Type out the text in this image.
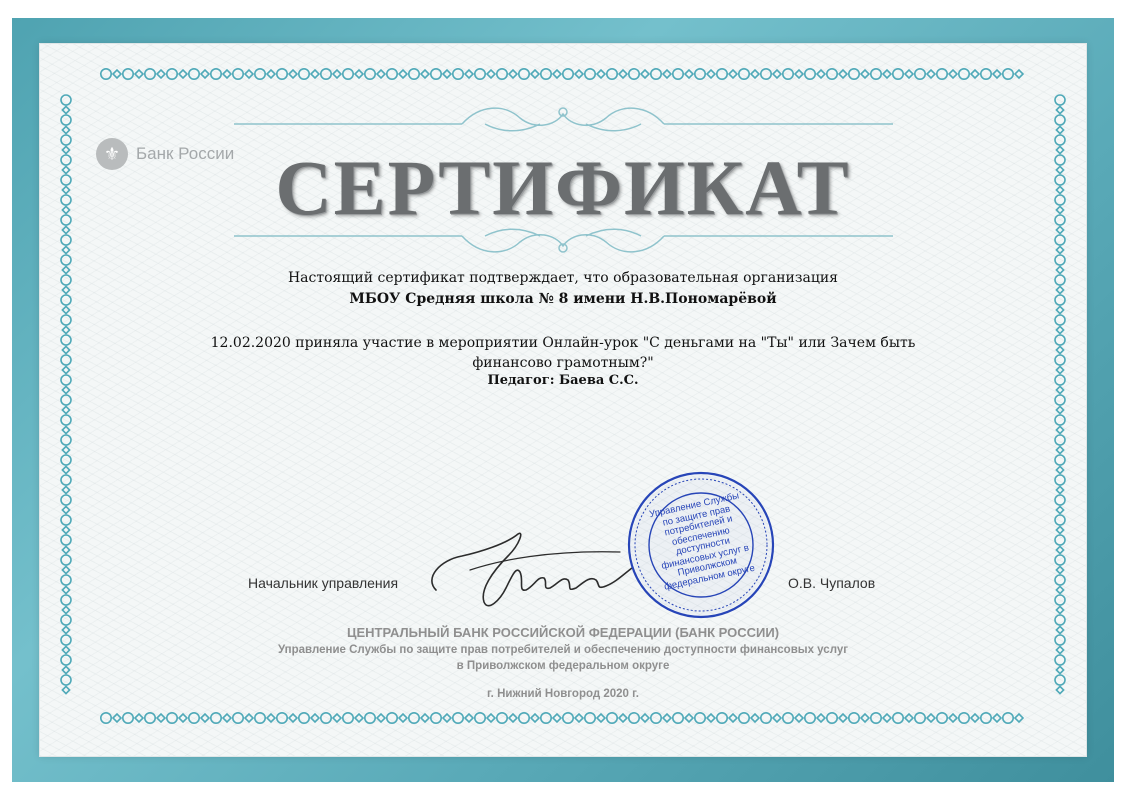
⚜ Банк России СЕРТИФИКАТ
Настоящий сертификат подтверждает, что образовательная организация
МБОУ Средняя школа № 8 имени Н.В.Пономарёвой
12.02.2020 приняла участие в мероприятии Онлайн-урок "С деньгами на "Ты" или Зачем быть
финансово грамотным?"
Педагог: Баева С.С.
Начальник управления
Управление Службы по защите прав потребителей и обеспечению доступности финансовых услуг в Приволжском федеральном округе О.В. Чупалов
ЦЕНТРАЛЬНЫЙ БАНК РОССИЙСКОЙ ФЕДЕРАЦИИ (БАНК РОССИИ)
Управление Службы по защите прав потребителей и обеспечению доступности финансовых услуг
в Приволжском федеральном округе
г. Нижний Новгород 2020 г.
